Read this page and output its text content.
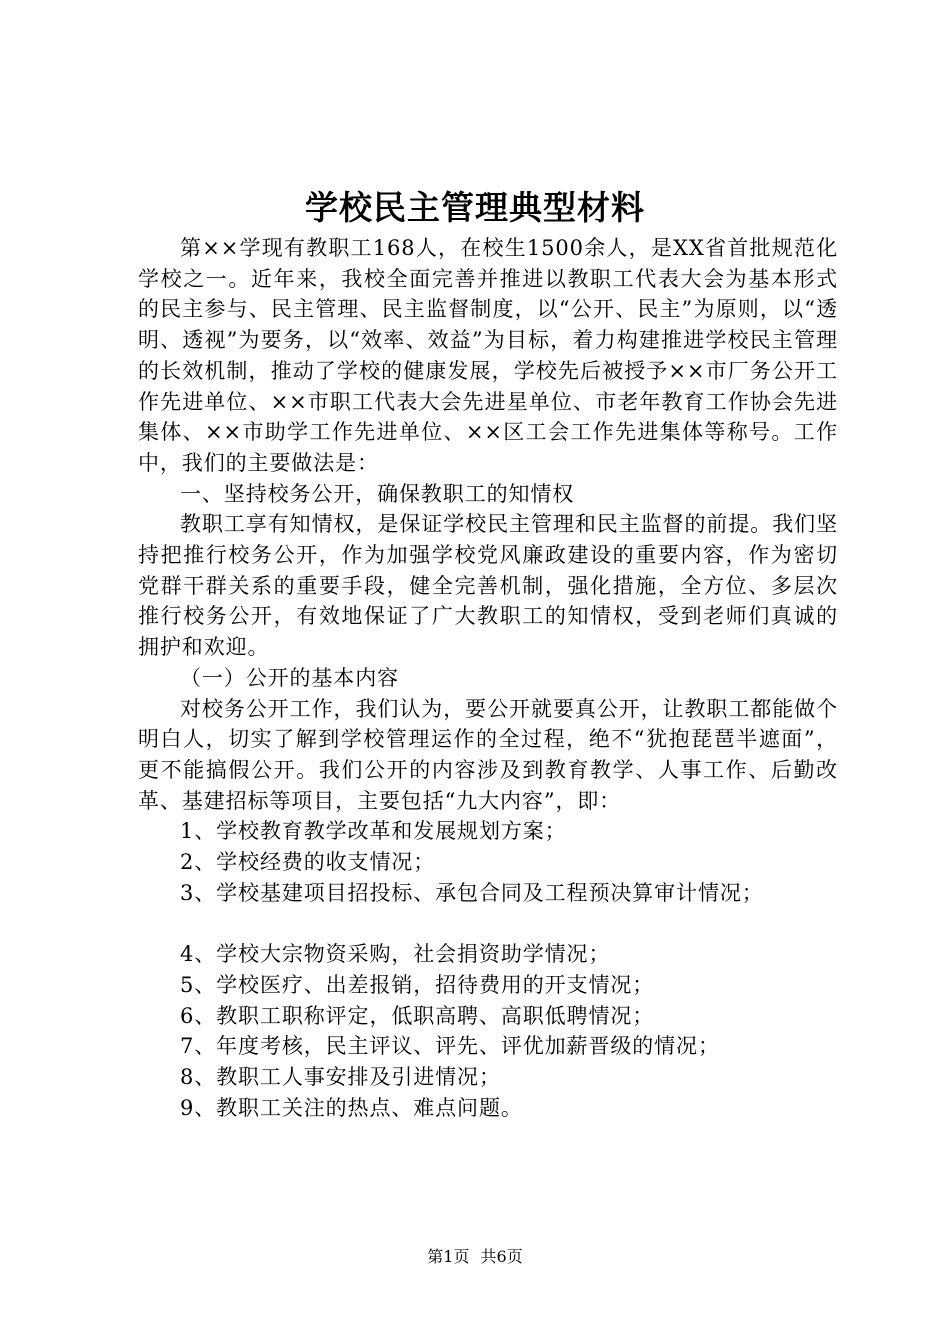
学校民主管理典型材料

第××学现有教职工168人，在校生1500余人，是XX省首批规范化学校之一。近年来，我校全面完善并推进以教职工代表大会为基本形式的民主参与、民主管理、民主监督制度，以“公开、民主”为原则，以“透明、透视”为要务，以“效率、效益”为目标，着力构建推进学校民主管理的长效机制，推动了学校的健康发展，学校先后被授予××市厂务公开工作先进单位、××市职工代表大会先进星单位、市老年教育工作协会先进集体、××市助学工作先进单位、××区工会工作先进集体等称号。工作中，我们的主要做法是：

一、坚持校务公开，确保教职工的知情权

教职工享有知情权，是保证学校民主管理和民主监督的前提。我们坚持把推行校务公开，作为加强学校党风廉政建设的重要内容，作为密切党群干群关系的重要手段，健全完善机制，强化措施，全方位、多层次推行校务公开，有效地保证了广大教职工的知情权，受到老师们真诚的拥护和欢迎。

（一）公开的基本内容

对校务公开工作，我们认为，要公开就要真公开，让教职工都能做个明白人，切实了解到学校管理运作的全过程，绝不“犹抱琵琶半遮面”，更不能搞假公开。我们公开的内容涉及到教育教学、人事工作、后勤改革、基建招标等项目，主要包括“九大内容”，即：

1、学校教育教学改革和发展规划方案；

2、学校经费的收支情况；

3、学校基建项目招投标、承包合同及工程预决算审计情况；

4、学校大宗物资采购，社会捐资助学情况；

5、学校医疗、出差报销，招待费用的开支情况；

6、教职工职称评定，低职高聘、高职低聘情况；

7、年度考核，民主评议、评先、评优加薪晋级的情况；

8、教职工人事安排及引进情况；

9、教职工关注的热点、难点问题。

第1页 共6页
